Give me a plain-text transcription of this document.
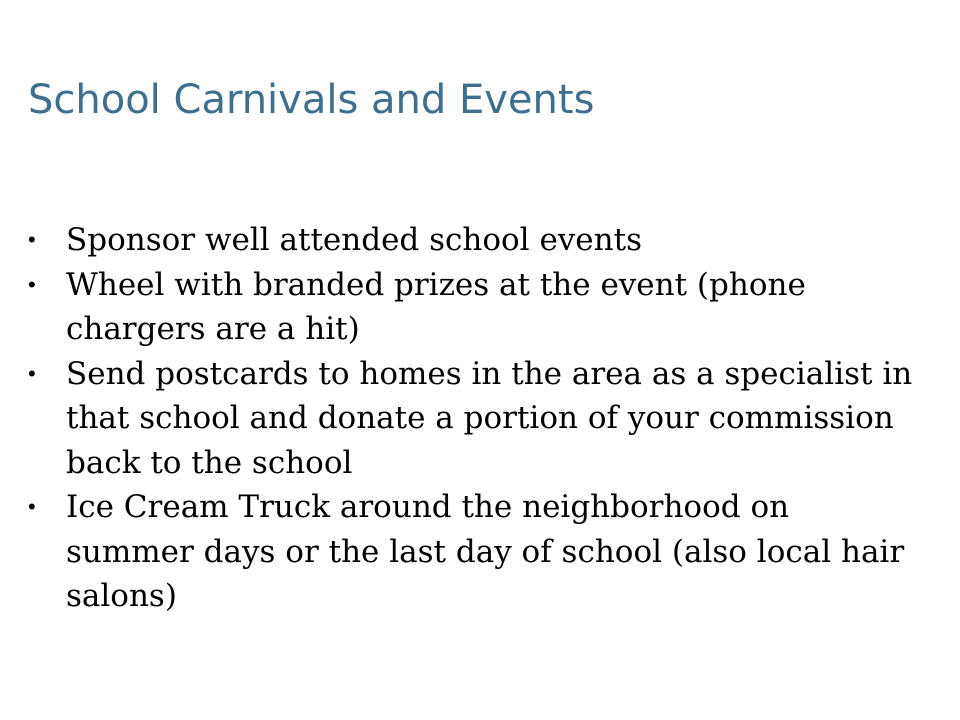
School Carnivals and Events
• Sponsor well attended school events
• Wheel with branded prizes at the event (phone
chargers are a hit)
• Send postcards to homes in the area as a specialist in
that school and donate a portion of your commission
back to the school
• Ice Cream Truck around the neighborhood on
summer days or the last day of school (also local hair
salons)
